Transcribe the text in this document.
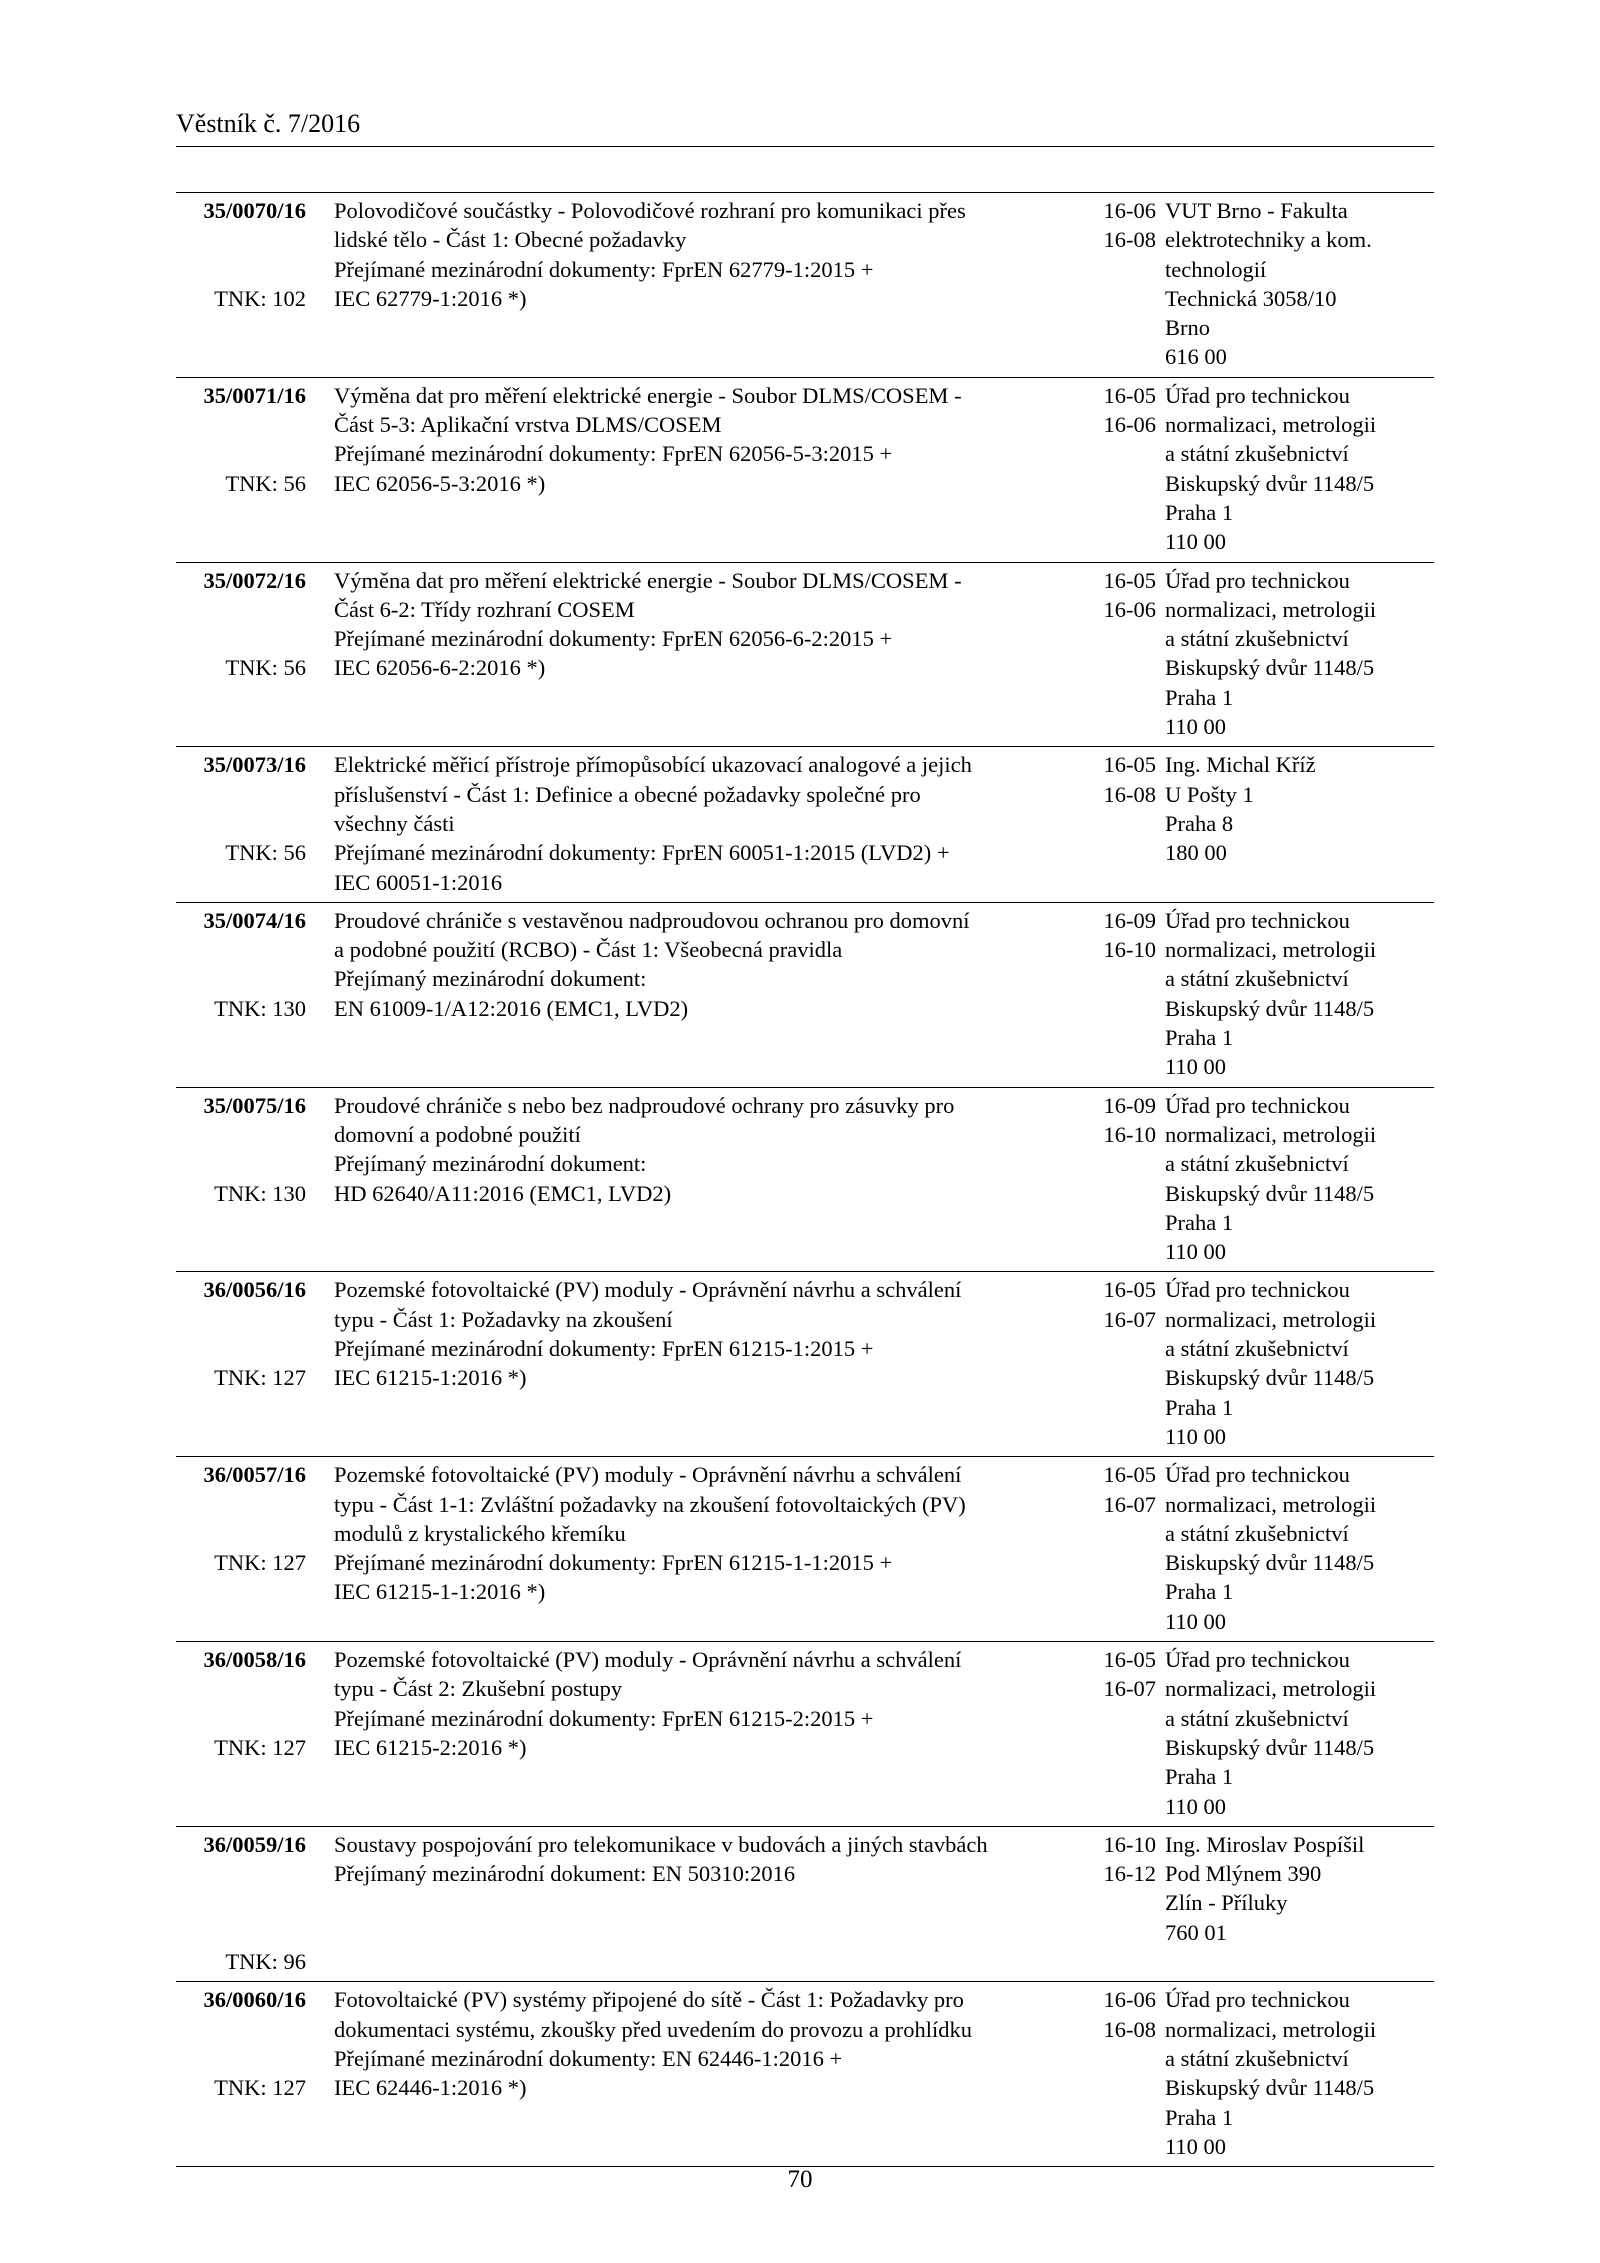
Věstník č. 7/2016
35/0070/16
TNK: 102
Polovodičové součástky - Polovodičové rozhraní pro komunikaci přes
lidské tělo - Část 1: Obecné požadavky
Přejímané mezinárodní dokumenty: FprEN 62779-1:2015 +
IEC 62779-1:2016 *)
16-06
16-08
VUT Brno - Fakulta
elektrotechniky a kom.
technologií
Technická 3058/10
Brno
616 00
35/0071/16
TNK: 56
Výměna dat pro měření elektrické energie - Soubor DLMS/COSEM -
Část 5-3: Aplikační vrstva DLMS/COSEM
Přejímané mezinárodní dokumenty: FprEN 62056-5-3:2015 +
IEC 62056-5-3:2016 *)
16-05
16-06
Úřad pro technickou
normalizaci, metrologii
a státní zkušebnictví
Biskupský dvůr 1148/5
Praha 1
110 00
35/0072/16
TNK: 56
Výměna dat pro měření elektrické energie - Soubor DLMS/COSEM -
Část 6-2: Třídy rozhraní COSEM
Přejímané mezinárodní dokumenty: FprEN 62056-6-2:2015 +
IEC 62056-6-2:2016 *)
16-05
16-06
Úřad pro technickou
normalizaci, metrologii
a státní zkušebnictví
Biskupský dvůr 1148/5
Praha 1
110 00
35/0073/16
TNK: 56
Elektrické měřicí přístroje přímopůsobící ukazovací analogové a jejich
příslušenství - Část 1: Definice a obecné požadavky společné pro
všechny části
Přejímané mezinárodní dokumenty: FprEN 60051-1:2015 (LVD2) +
IEC 60051-1:2016
16-05
16-08
Ing. Michal Kříž
U Pošty 1
Praha 8
180 00
35/0074/16
TNK: 130
Proudové chrániče s vestavěnou nadproudovou ochranou pro domovní
a podobné použití (RCBO) - Část 1: Všeobecná pravidla
Přejímaný mezinárodní dokument:
EN 61009-1/A12:2016 (EMC1, LVD2)
16-09
16-10
Úřad pro technickou
normalizaci, metrologii
a státní zkušebnictví
Biskupský dvůr 1148/5
Praha 1
110 00
35/0075/16
TNK: 130
Proudové chrániče s nebo bez nadproudové ochrany pro zásuvky pro
domovní a podobné použití
Přejímaný mezinárodní dokument:
HD 62640/A11:2016 (EMC1, LVD2)
16-09
16-10
Úřad pro technickou
normalizaci, metrologii
a státní zkušebnictví
Biskupský dvůr 1148/5
Praha 1
110 00
36/0056/16
TNK: 127
Pozemské fotovoltaické (PV) moduly - Oprávnění návrhu a schválení
typu - Část 1: Požadavky na zkoušení
Přejímané mezinárodní dokumenty: FprEN 61215-1:2015 +
IEC 61215-1:2016 *)
16-05
16-07
Úřad pro technickou
normalizaci, metrologii
a státní zkušebnictví
Biskupský dvůr 1148/5
Praha 1
110 00
36/0057/16
TNK: 127
Pozemské fotovoltaické (PV) moduly - Oprávnění návrhu a schválení
typu - Část 1-1: Zvláštní požadavky na zkoušení fotovoltaických (PV)
modulů z krystalického křemíku
Přejímané mezinárodní dokumenty: FprEN 61215-1-1:2015 +
IEC 61215-1-1:2016 *)
16-05
16-07
Úřad pro technickou
normalizaci, metrologii
a státní zkušebnictví
Biskupský dvůr 1148/5
Praha 1
110 00
36/0058/16
TNK: 127
Pozemské fotovoltaické (PV) moduly - Oprávnění návrhu a schválení
typu - Část 2: Zkušební postupy
Přejímané mezinárodní dokumenty: FprEN 61215-2:2015 +
IEC 61215-2:2016 *)
16-05
16-07
Úřad pro technickou
normalizaci, metrologii
a státní zkušebnictví
Biskupský dvůr 1148/5
Praha 1
110 00
36/0059/16
TNK: 96
Soustavy pospojování pro telekomunikace v budovách a jiných stavbách
Přejímaný mezinárodní dokument: EN 50310:2016
16-10
16-12
Ing. Miroslav Pospíšil
Pod Mlýnem 390
Zlín - Příluky
760 01
36/0060/16
TNK: 127
Fotovoltaické (PV) systémy připojené do sítě - Část 1: Požadavky pro
dokumentaci systému, zkoušky před uvedením do provozu a prohlídku
Přejímané mezinárodní dokumenty: EN 62446-1:2016 +
IEC 62446-1:2016 *)
16-06
16-08
Úřad pro technickou
normalizaci, metrologii
a státní zkušebnictví
Biskupský dvůr 1148/5
Praha 1
110 00
70
